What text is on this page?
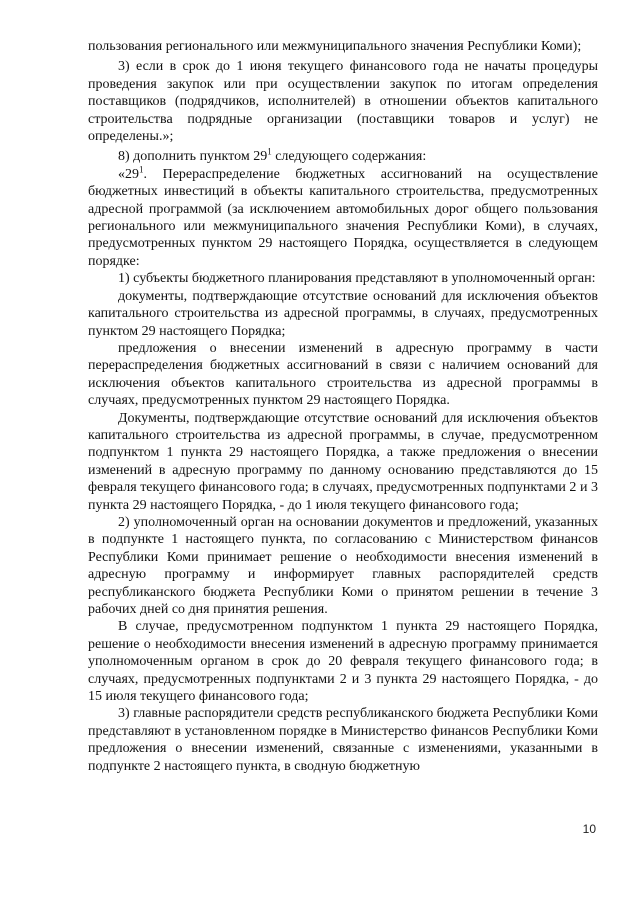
пользования регионального или межмуниципального значения Республики Коми);

3) если в срок до 1 июня текущего финансового года не начаты процедуры проведения закупок или при осуществлении закупок по итогам определения поставщиков (подрядчиков, исполнителей) в отношении объектов капитального строительства подрядные организации (поставщики товаров и услуг) не определены.»;

8) дополнить пунктом $29^1$ следующего содержания:

«$29^1$. Перераспределение бюджетных ассигнований на осуществление бюджетных инвестиций в объекты капитального строительства, предусмотренных адресной программой (за исключением автомобильных дорог общего пользования регионального или межмуниципального значения Республики Коми), в случаях, предусмотренных пунктом 29 настоящего Порядка, осуществляется в следующем порядке:

1) субъекты бюджетного планирования представляют в уполномоченный орган:

документы, подтверждающие отсутствие оснований для исключения объектов капитального строительства из адресной программы, в случаях, предусмотренных пунктом 29 настоящего Порядка;

предложения о внесении изменений в адресную программу в части перераспределения бюджетных ассигнований в связи с наличием оснований для исключения объектов капитального строительства из адресной программы в случаях, предусмотренных пунктом 29 настоящего Порядка.

Документы, подтверждающие отсутствие оснований для исключения объектов капитального строительства из адресной программы, в случае, предусмотренном подпунктом 1 пункта 29 настоящего Порядка, а также предложения о внесении изменений в адресную программу по данному основанию представляются до 15 февраля текущего финансового года; в случаях, предусмотренных подпунктами 2 и 3 пункта 29 настоящего Порядка, - до 1 июля текущего финансового года;

2) уполномоченный орган на основании документов и предложений, указанных в подпункте 1 настоящего пункта, по согласованию с Министерством финансов Республики Коми принимает решение о необходимости внесения изменений в адресную программу и информирует главных распорядителей средств республиканского бюджета Республики Коми о принятом решении в течение 3 рабочих дней со дня принятия решения.

В случае, предусмотренном подпунктом 1 пункта 29 настоящего Порядка, решение о необходимости внесения изменений в адресную программу принимается уполномоченным органом в срок до 20 февраля текущего финансового года; в случаях, предусмотренных подпунктами 2 и 3 пункта 29 настоящего Порядка, - до 15 июля текущего финансового года;

3) главные распорядители средств республиканского бюджета Республики Коми представляют в установленном порядке в Министерство финансов Республики Коми предложения о внесении изменений, связанные с изменениями, указанными в подпункте 2 настоящего пункта, в сводную бюджетную

10
